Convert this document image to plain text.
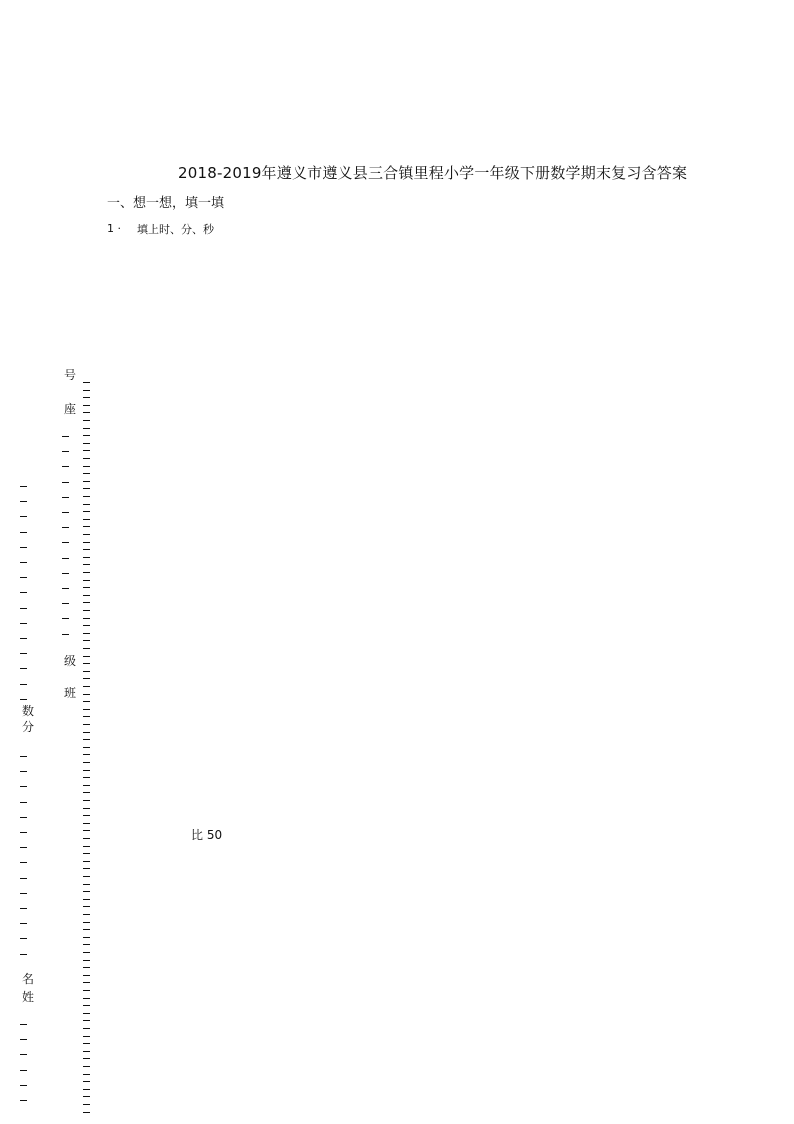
2018-2019年遵义市遵义县三合镇里程小学一年级下册数学期末复习含答案
一、想一想，填一填
1 · 填上时、分、秒
比 50
号
座
级
班
数
分
名
姓
